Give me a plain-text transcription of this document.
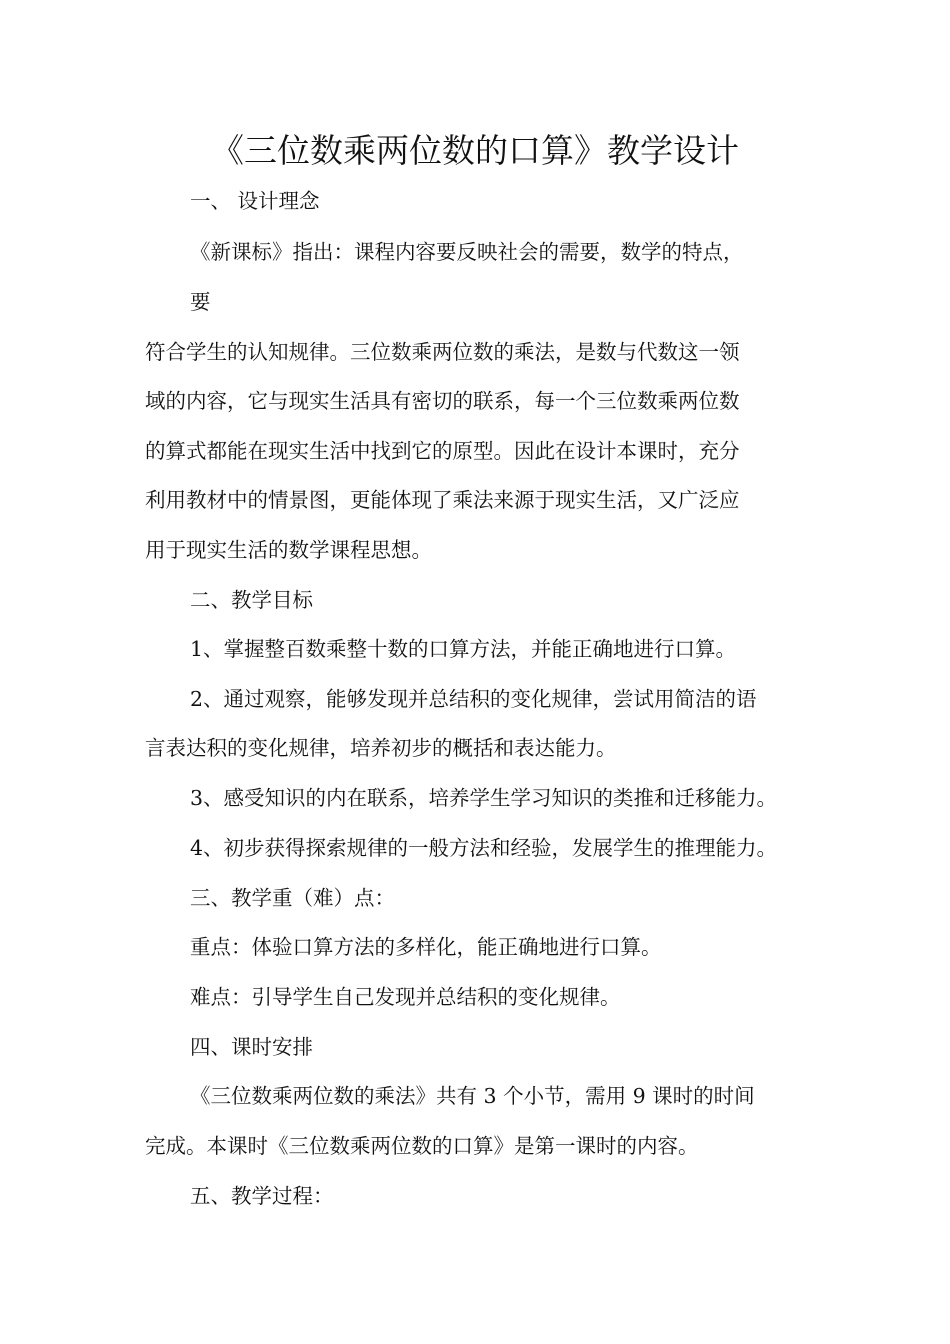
《三位数乘两位数的口算》教学设计
一、 设计理念
《新课标》指出：课程内容要反映社会的需要，数学的特点，
要
符合学生的认知规律。三位数乘两位数的乘法，是数与代数这一领
域的内容，它与现实生活具有密切的联系，每一个三位数乘两位数
的算式都能在现实生活中找到它的原型。因此在设计本课时，充分
利用教材中的情景图，更能体现了乘法来源于现实生活，又广泛应
用于现实生活的数学课程思想。
二、教学目标
1、掌握整百数乘整十数的口算方法，并能正确地进行口算。
2、通过观察，能够发现并总结积的变化规律，尝试用简洁的语
言表达积的变化规律，培养初步的概括和表达能力。
3、感受知识的内在联系，培养学生学习知识的类推和迁移能力。
4、初步获得探索规律的一般方法和经验，发展学生的推理能力。
三、教学重（难）点：
重点：体验口算方法的多样化，能正确地进行口算。
难点：引导学生自己发现并总结积的变化规律。
四、课时安排
《三位数乘两位数的乘法》共有 3 个小节，需用 9 课时的时间
完成。本课时《三位数乘两位数的口算》是第一课时的内容。
五、教学过程：
